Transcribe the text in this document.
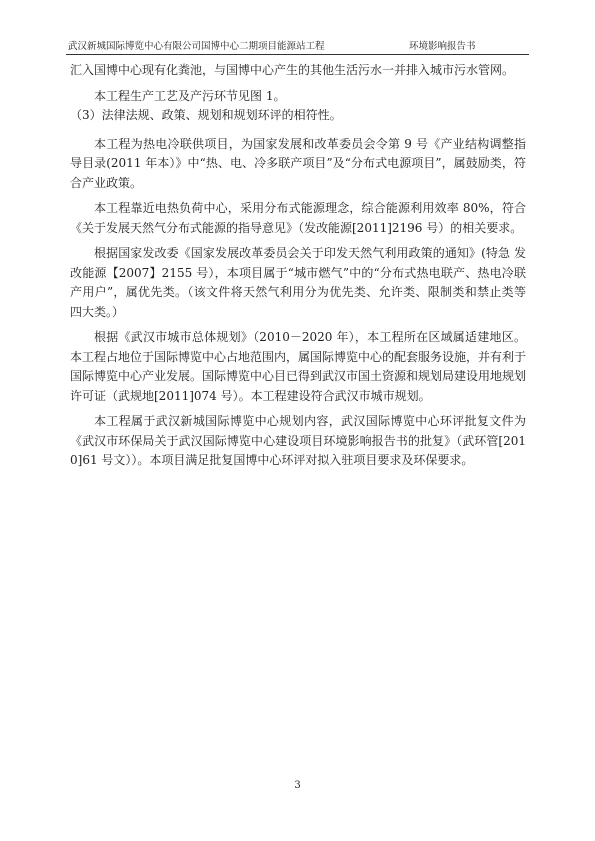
武汉新城国际博览中心有限公司国博中心二期项目能源站工程	环境影响报告书

汇入国博中心现有化粪池，与国博中心产生的其他生活污水一并排入城市污水管网。

本工程生产工艺及产污环节见图 1。

（3）法律法规、政策、规划和规划环评的相符性。

本工程为热电冷联供项目，为国家发展和改革委员会令第 9 号《产业结构调整指导目录(2011 年本）》中“热、电、冷多联产项目”及“分布式电源项目”，属鼓励类，符合产业政策。

本工程靠近电热负荷中心，采用分布式能源理念，综合能源利用效率 80%，符合《关于发展天然气分布式能源的指导意见》（发改能源[2011]2196 号）的相关要求。

根据国家发改委《国家发展改革委员会关于印发天然气利用政策的通知》(特急 发改能源【2007】2155 号），本项目属于“城市燃气”中的“分布式热电联产、热电冷联产用户”，属优先类。（该文件将天然气利用分为优先类、允许类、限制类和禁止类等四大类。）

根据《武汉市城市总体规划》（2010－2020 年），本工程所在区域属适建地区。本工程占地位于国际博览中心占地范围内，属国际博览中心的配套服务设施，并有利于国际博览中心产业发展。国际博览中心目已得到武汉市国土资源和规划局建设用地规划许可证（武规地[2011]074 号）。本工程建设符合武汉市城市规划。

本工程属于武汉新城国际博览中心规划内容，武汉国际博览中心环评批复文件为《武汉市环保局关于武汉国际博览中心建设项目环境影响报告书的批复》（武环管[2010]61 号文））。本项目满足批复国博中心环评对拟入驻项目要求及环保要求。

3
